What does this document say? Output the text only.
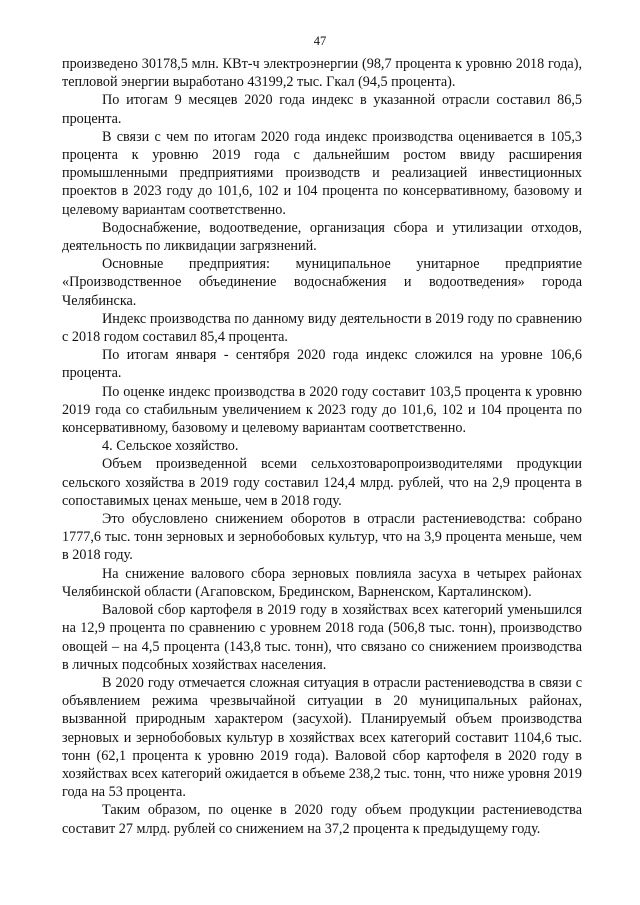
47

произведено 30178,5 млн. КВт-ч электроэнергии (98,7 процента к уровню 2018 года), тепловой энергии выработано 43199,2 тыс. Гкал (94,5 процента).

По итогам 9 месяцев 2020 года индекс в указанной отрасли составил 86,5 процента.

В связи с чем по итогам 2020 года индекс производства оценивается в 105,3 процента к уровню 2019 года с дальнейшим ростом ввиду расширения промышленными предприятиями производств и реализацией инвестиционных проектов в 2023 году до 101,6, 102 и 104 процента по консервативному, базовому и целевому вариантам соответственно.

Водоснабжение, водоотведение, организация сбора и утилизации отходов, деятельность по ликвидации загрязнений.

Основные предприятия: муниципальное унитарное предприятие «Производственное объединение водоснабжения и водоотведения» города Челябинска.

Индекс производства по данному виду деятельности в 2019 году по сравнению с 2018 годом составил 85,4 процента.

По итогам января - сентября 2020 года индекс сложился на уровне 106,6 процента.

По оценке индекс производства в 2020 году составит 103,5 процента к уровню 2019 года со стабильным увеличением к 2023 году до 101,6, 102 и 104 процента по консервативному, базовому и целевому вариантам соответственно.

4. Сельское хозяйство.

Объем произведенной всеми сельхозтоваропроизводителями продукции сельского хозяйства в 2019 году составил 124,4 млрд. рублей, что на 2,9 процента в сопоставимых ценах меньше, чем в 2018 году.

Это обусловлено снижением оборотов в отрасли растениеводства: собрано 1777,6 тыс. тонн зерновых и зернобобовых культур, что на 3,9 процента меньше, чем в 2018 году.

На снижение валового сбора зерновых повлияла засуха в четырех районах Челябинской области (Агаповском, Брединском, Варненском, Карталинском).

Валовой сбор картофеля в 2019 году в хозяйствах всех категорий уменьшился на 12,9 процента по сравнению с уровнем 2018 года (506,8 тыс. тонн), производство овощей – на 4,5 процента (143,8 тыс. тонн), что связано со снижением производства в личных подсобных хозяйствах населения.

В 2020 году отмечается сложная ситуация в отрасли растениеводства в связи с объявлением режима чрезвычайной ситуации в 20 муниципальных районах, вызванной природным характером (засухой). Планируемый объем производства зерновых и зернобобовых культур в хозяйствах всех категорий составит 1104,6 тыс. тонн (62,1 процента к уровню 2019 года). Валовой сбор картофеля в 2020 году в хозяйствах всех категорий ожидается в объеме 238,2 тыс. тонн, что ниже уровня 2019 года на 53 процента.

Таким образом, по оценке в 2020 году объем продукции растениеводства составит 27 млрд. рублей со снижением на 37,2 процента к предыдущему году.
